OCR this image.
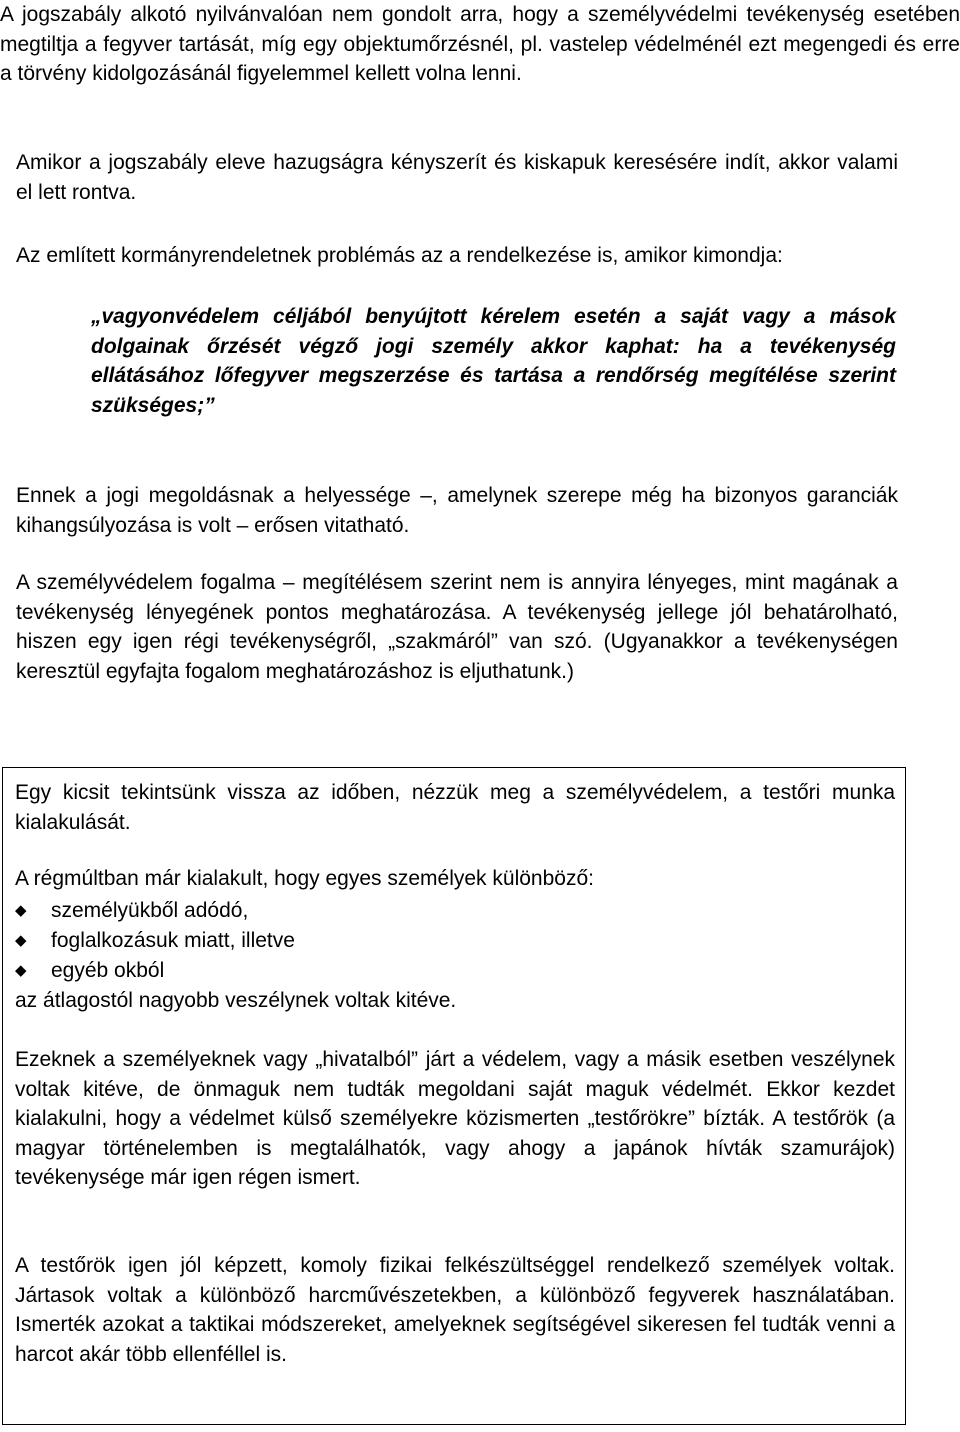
A jogszabály alkotó nyilvánvalóan nem gondolt arra, hogy a személyvédelmi tevékenység esetében megtiltja a fegyver tartását, míg egy objektumőrzésnél, pl. vastelep védelménél ezt megengedi és erre a törvény kidolgozásánál figyelemmel kellett volna lenni.

Amikor a jogszabály eleve hazugságra kényszerít és kiskapuk keresésére indít, akkor valami el lett rontva.

Az említett kormányrendeletnek problémás az a rendelkezése is, amikor kimondja:

„vagyonvédelem céljából benyújtott kérelem esetén a saját vagy a mások dolgainak őrzését végző jogi személy akkor kaphat: ha a tevékenység ellátásához lőfegyver megszerzése és tartása a rendőrség megítélése szerint szükséges;”

Ennek a jogi megoldásnak a helyessége –, amelynek szerepe még ha bizonyos garanciák kihangsúlyozása is volt – erősen vitatható.

A személyvédelem fogalma – megítélésem szerint nem is annyira lényeges, mint magának a tevékenység lényegének pontos meghatározása. A tevékenység jellege jól behatárolható, hiszen egy igen régi tevékenységről, „szakmáról” van szó. (Ugyanakkor a tevékenységen keresztül egyfajta fogalom meghatározáshoz is eljuthatunk.)

Egy kicsit tekintsünk vissza az időben, nézzük meg a személyvédelem, a testőri munka kialakulását.

A régmúltban már kialakult, hogy egyes személyek különböző:

◆	személyükből adódó,
◆	foglalkozásuk miatt, illetve
◆	egyéb okból

az átlagostól nagyobb veszélynek voltak kitéve.

Ezeknek a személyeknek vagy „hivatalból” járt a védelem, vagy a másik esetben veszélynek voltak kitéve, de önmaguk nem tudták megoldani saját maguk védelmét. Ekkor kezdet kialakulni, hogy a védelmet külső személyekre közismerten „testőrökre” bízták. A testőrök (a magyar történelemben is megtalálhatók, vagy ahogy a japánok hívták szamurájok) tevékenysége már igen régen ismert.

A testőrök igen jól képzett, komoly fizikai felkészültséggel rendelkező személyek voltak. Jártasok voltak a különböző harcművészetekben, a különböző fegyverek használatában. Ismerték azokat a taktikai módszereket, amelyeknek segítségével sikeresen fel tudták venni a harcot akár több ellenféllel is.
